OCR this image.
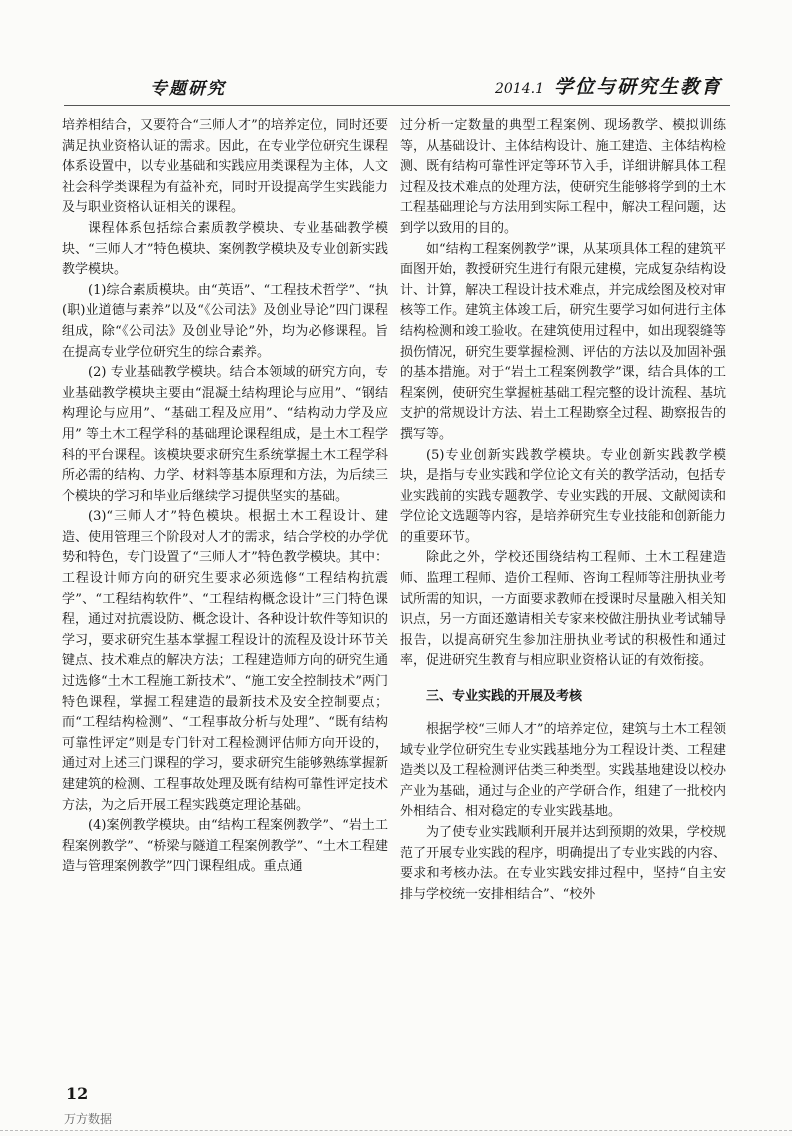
专题研究	2014.1 学位与研究生教育

培养相结合，又要符合“三师人才”的培养定位，同时还要满足执业资格认证的需求。因此，在专业学位研究生课程体系设置中，以专业基础和实践应用类课程为主体，人文社会科学类课程为有益补充，同时开设提高学生实践能力及与职业资格认证相关的课程。

课程体系包括综合素质教学模块、专业基础教学模块、“三师人才”特色模块、案例教学模块及专业创新实践教学模块。

(1)综合素质模块。由“英语”、“工程技术哲学”、“执(职)业道德与素养”以及“《公司法》及创业导论”四门课程组成，除“《公司法》及创业导论”外，均为必修课程。旨在提高专业学位研究生的综合素养。

(2) 专业基础教学模块。结合本领域的研究方向，专业基础教学模块主要由“混凝土结构理论与应用”、“钢结构理论与应用”、“基础工程及应用”、“结构动力学及应用” 等土木工程学科的基础理论课程组成，是土木工程学科的平台课程。该模块要求研究生系统掌握土木工程学科所必需的结构、力学、材料等基本原理和方法，为后续三个模块的学习和毕业后继续学习提供坚实的基础。

(3)“三师人才”特色模块。根据土木工程设计、建造、使用管理三个阶段对人才的需求，结合学校的办学优势和特色，专门设置了“三师人才”特色教学模块。其中：工程设计师方向的研究生要求必须选修“工程结构抗震学”、“工程结构软件”、“工程结构概念设计”三门特色课程，通过对抗震设防、概念设计、各种设计软件等知识的学习，要求研究生基本掌握工程设计的流程及设计环节关键点、技术难点的解决方法；工程建造师方向的研究生通过选修“土木工程施工新技术”、“施工安全控制技术”两门特色课程，掌握工程建造的最新技术及安全控制要点；而“工程结构检测”、“工程事故分析与处理”、“既有结构可靠性评定”则是专门针对工程检测评估师方向开设的，通过对上述三门课程的学习，要求研究生能够熟练掌握新建建筑的检测、工程事故处理及既有结构可靠性评定技术方法，为之后开展工程实践奠定理论基础。

(4)案例教学模块。由“结构工程案例教学”、“岩土工程案例教学”、“桥梁与隧道工程案例教学”、“土木工程建造与管理案例教学”四门课程组成。重点通

过分析一定数量的典型工程案例、现场教学、模拟训练等，从基础设计、主体结构设计、施工建造、主体结构检测、既有结构可靠性评定等环节入手，详细讲解具体工程过程及技术难点的处理方法，使研究生能够将学到的土木工程基础理论与方法用到实际工程中，解决工程问题，达到学以致用的目的。

如“结构工程案例教学”课，从某项具体工程的建筑平面图开始，教授研究生进行有限元建模，完成复杂结构设计、计算，解决工程设计技术难点，并完成绘图及校对审核等工作。建筑主体竣工后，研究生要学习如何进行主体结构检测和竣工验收。在建筑使用过程中，如出现裂缝等损伤情况，研究生要掌握检测、评估的方法以及加固补强的基本措施。对于“岩土工程案例教学”课，结合具体的工程案例，使研究生掌握桩基础工程完整的设计流程、基坑支护的常规设计方法、岩土工程勘察全过程、勘察报告的撰写等。

(5)专业创新实践教学模块。专业创新实践教学模块，是指与专业实践和学位论文有关的教学活动，包括专业实践前的实践专题教学、专业实践的开展、文献阅读和学位论文选题等内容，是培养研究生专业技能和创新能力的重要环节。

除此之外，学校还围绕结构工程师、土木工程建造师、监理工程师、造价工程师、咨询工程师等注册执业考试所需的知识，一方面要求教师在授课时尽量融入相关知识点，另一方面还邀请相关专家来校做注册执业考试辅导报告，以提高研究生参加注册执业考试的积极性和通过率，促进研究生教育与相应职业资格认证的有效衔接。

三、专业实践的开展及考核

根据学校“三师人才”的培养定位，建筑与土木工程领域专业学位研究生专业实践基地分为工程设计类、工程建造类以及工程检测评估类三种类型。实践基地建设以校办产业为基础，通过与企业的产学研合作，组建了一批校内外相结合、相对稳定的专业实践基地。

为了使专业实践顺利开展并达到预期的效果，学校规范了开展专业实践的程序，明确提出了专业实践的内容、要求和考核办法。在专业实践安排过程中，坚持“自主安排与学校统一安排相结合”、“校外

12
万方数据
